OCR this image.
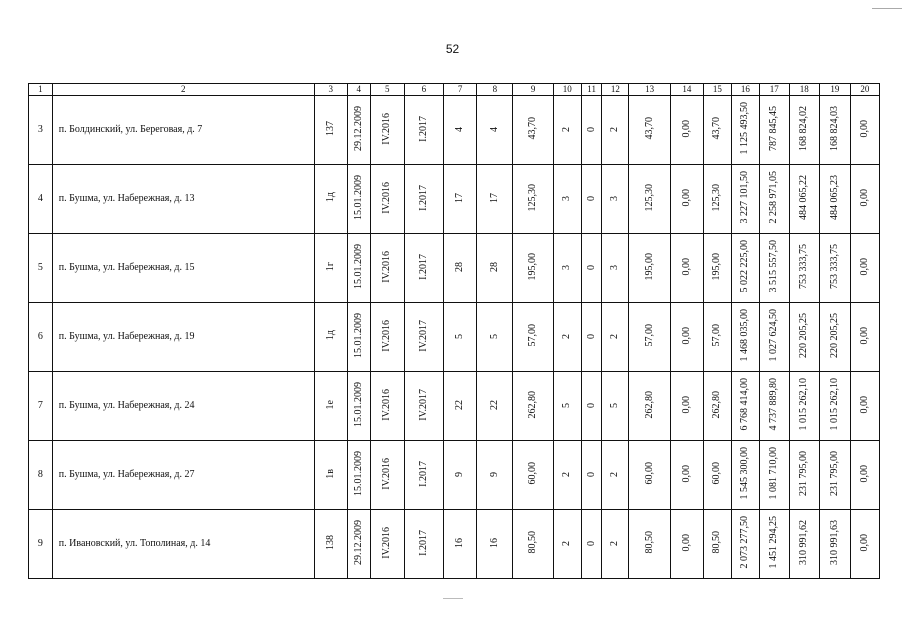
52
1	2	3	4	5	6	7	8	9	10	11	12	13	14	15	16	17	18	19	20
3	п. Болдинский, ул. Береговая, д. 7	137	29.12.2009	IV.2016	I.2017	4	4	43,70	2	0	2	43,70	0,00	43,70	1 125 493,50	787 845,45	168 824,02	168 824,03	0,00
4	п. Бушма, ул. Набережная, д. 13	1д	15.01.2009	IV.2016	I.2017	17	17	125,30	3	0	3	125,30	0,00	125,30	3 227 101,50	2 258 971,05	484 065,22	484 065,23	0,00
5	п. Бушма, ул. Набережная, д. 15	1г	15.01.2009	IV.2016	I.2017	28	28	195,00	3	0	3	195,00	0,00	195,00	5 022 225,00	3 515 557,50	753 333,75	753 333,75	0,00
6	п. Бушма, ул. Набережная, д. 19	1д	15.01.2009	IV.2016	IV.2017	5	5	57,00	2	0	2	57,00	0,00	57,00	1 468 035,00	1 027 624,50	220 205,25	220 205,25	0,00
7	п. Бушма, ул. Набережная, д. 24	1е	15.01.2009	IV.2016	IV.2017	22	22	262,80	5	0	5	262,80	0,00	262,80	6 768 414,00	4 737 889,80	1 015 262,10	1 015 262,10	0,00
8	п. Бушма, ул. Набережная, д. 27	1в	15.01.2009	IV.2016	I.2017	9	9	60,00	2	0	2	60,00	0,00	60,00	1 545 300,00	1 081 710,00	231 795,00	231 795,00	0,00
9	п. Ивановский, ул. Тополиная, д. 14	138	29.12.2009	IV.2016	I.2017	16	16	80,50	2	0	2	80,50	0,00	80,50	2 073 277,50	1 451 294,25	310 991,62	310 991,63	0,00
